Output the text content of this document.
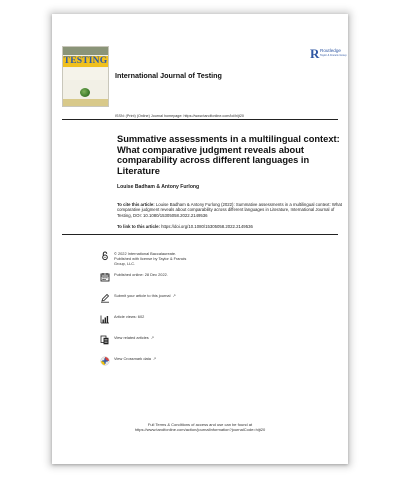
TESTING
International Journal of Testing
R Routledge
Taylor & Francis Group
ISSN: (Print) (Online) Journal homepage: https://www.tandfonline.com/loi/hijt20
Summative assessments in a multilingual context: What comparative judgment reveals about comparability across different languages in Literature
Louise Badham & Antony Furlong
To cite this article: Louise Badham & Antony Furlong (2022): Summative assessments in a multilingual context: What comparative judgment reveals about comparability across different languages in Literature, International Journal of Testing, DOI: 10.1080/15305058.2022.2149536
To link to this article: https://doi.org/10.1080/15305058.2022.2149536
© 2022 International Baccalaureate.
Published with license by Taylor & Francis
Group, LLC.
Published online: 28 Dec 2022.
Submit your article to this journal ↗
Article views: 602
View related articles ↗
View Crossmark data ↗
Full Terms & Conditions of access and use can be found at
https://www.tandfonline.com/action/journalInformation?journalCode=hijt20
